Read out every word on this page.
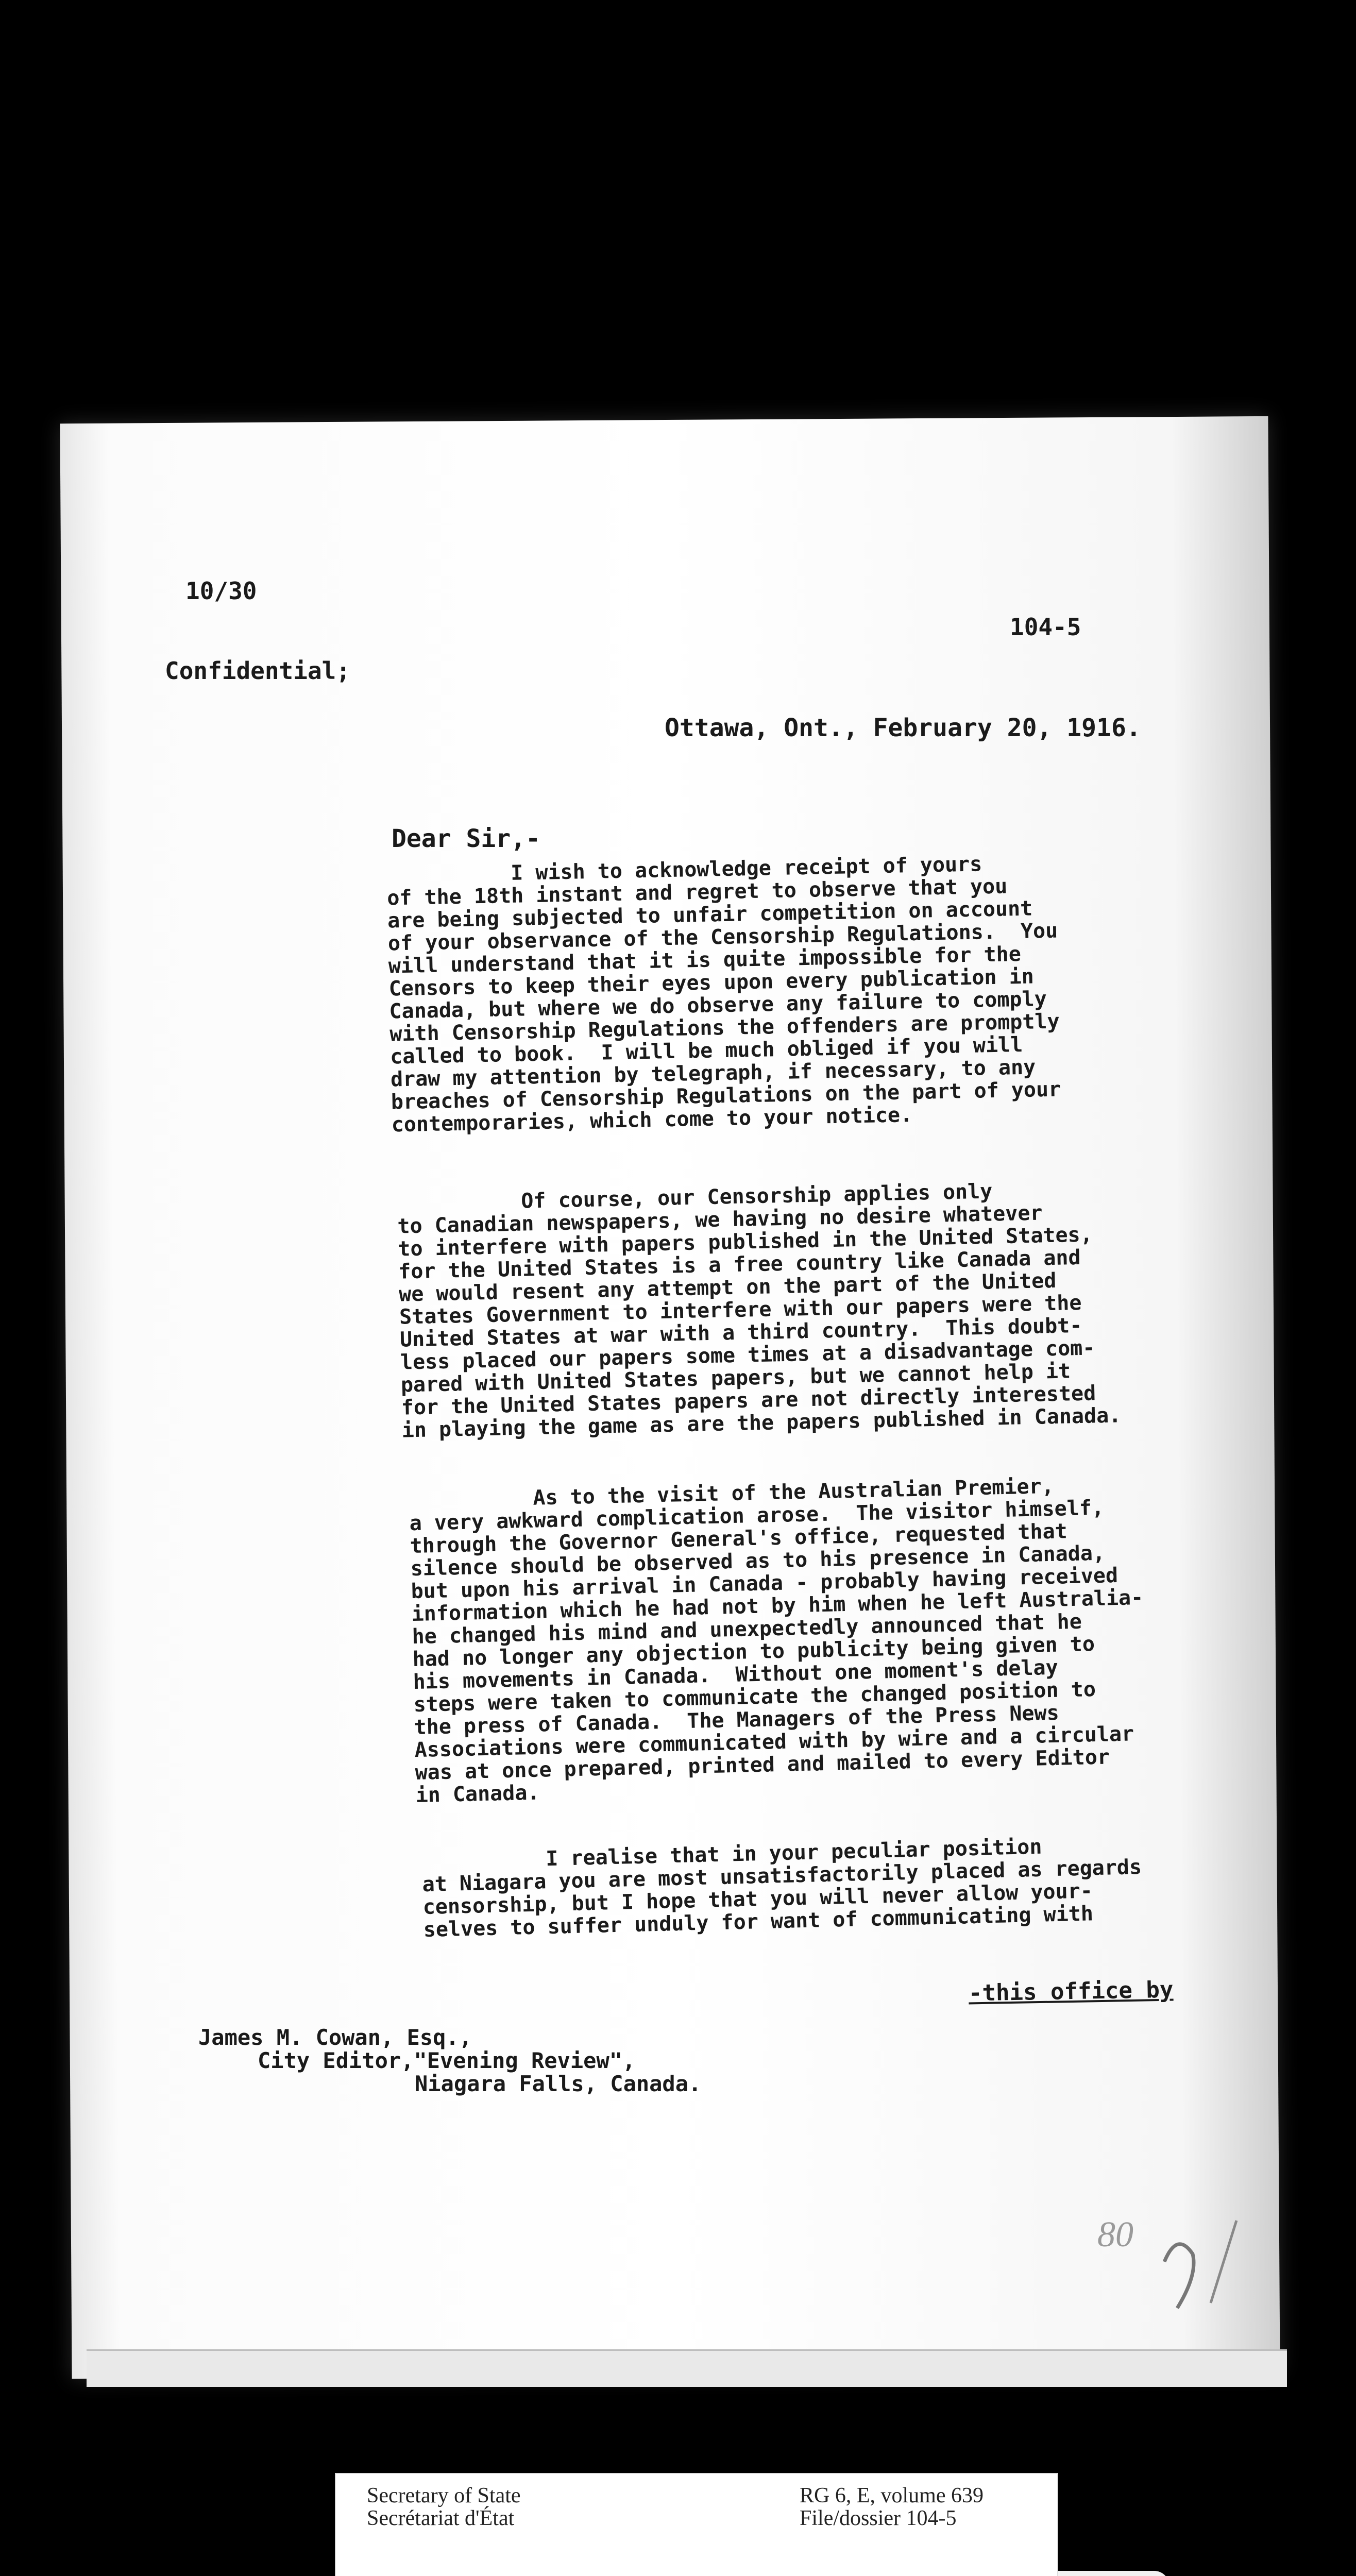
10/30
104-5
Confidential;
Ottawa, Ont., February 20, 1916.
Dear Sir,-
I wish to acknowledge receipt of yours
of the 18th instant and regret to observe that you
are being subjected to unfair competition on account
of your observance of the Censorship Regulations.  You
will understand that it is quite impossible for the
Censors to keep their eyes upon every publication in
Canada, but where we do observe any failure to comply
with Censorship Regulations the offenders are promptly
called to book.  I will be much obliged if you will
draw my attention by telegraph, if necessary, to any
breaches of Censorship Regulations on the part of your
contemporaries, which come to your notice.
Of course, our Censorship applies only
to Canadian newspapers, we having no desire whatever
to interfere with papers published in the United States,
for the United States is a free country like Canada and
we would resent any attempt on the part of the United
States Government to interfere with our papers were the
United States at war with a third country.  This doubt-
less placed our papers some times at a disadvantage com-
pared with United States papers, but we cannot help it
for the United States papers are not directly interested
in playing the game as are the papers published in Canada.
As to the visit of the Australian Premier,
a very awkward complication arose.  The visitor himself,
through the Governor General's office, requested that
silence should be observed as to his presence in Canada,
but upon his arrival in Canada - probably having received
information which he had not by him when he left Australia-
he changed his mind and unexpectedly announced that he
had no longer any objection to publicity being given to
his movements in Canada.  Without one moment's delay
steps were taken to communicate the changed position to
the press of Canada.  The Managers of the Press News
Associations were communicated with by wire and a circular
was at once prepared, printed and mailed to every Editor
in Canada.
I realise that in your peculiar position
at Niagara you are most unsatisfactorily placed as regards
censorship, but I hope that you will never allow your-
selves to suffer unduly for want of communicating with
-this office by
James M. Cowan, Esq.,
City Editor,"Evening Review",
Niagara Falls, Canada.
80
Secretary of State
Secrétariat d'État
RG 6, E, volume 639
File/dossier 104-5
